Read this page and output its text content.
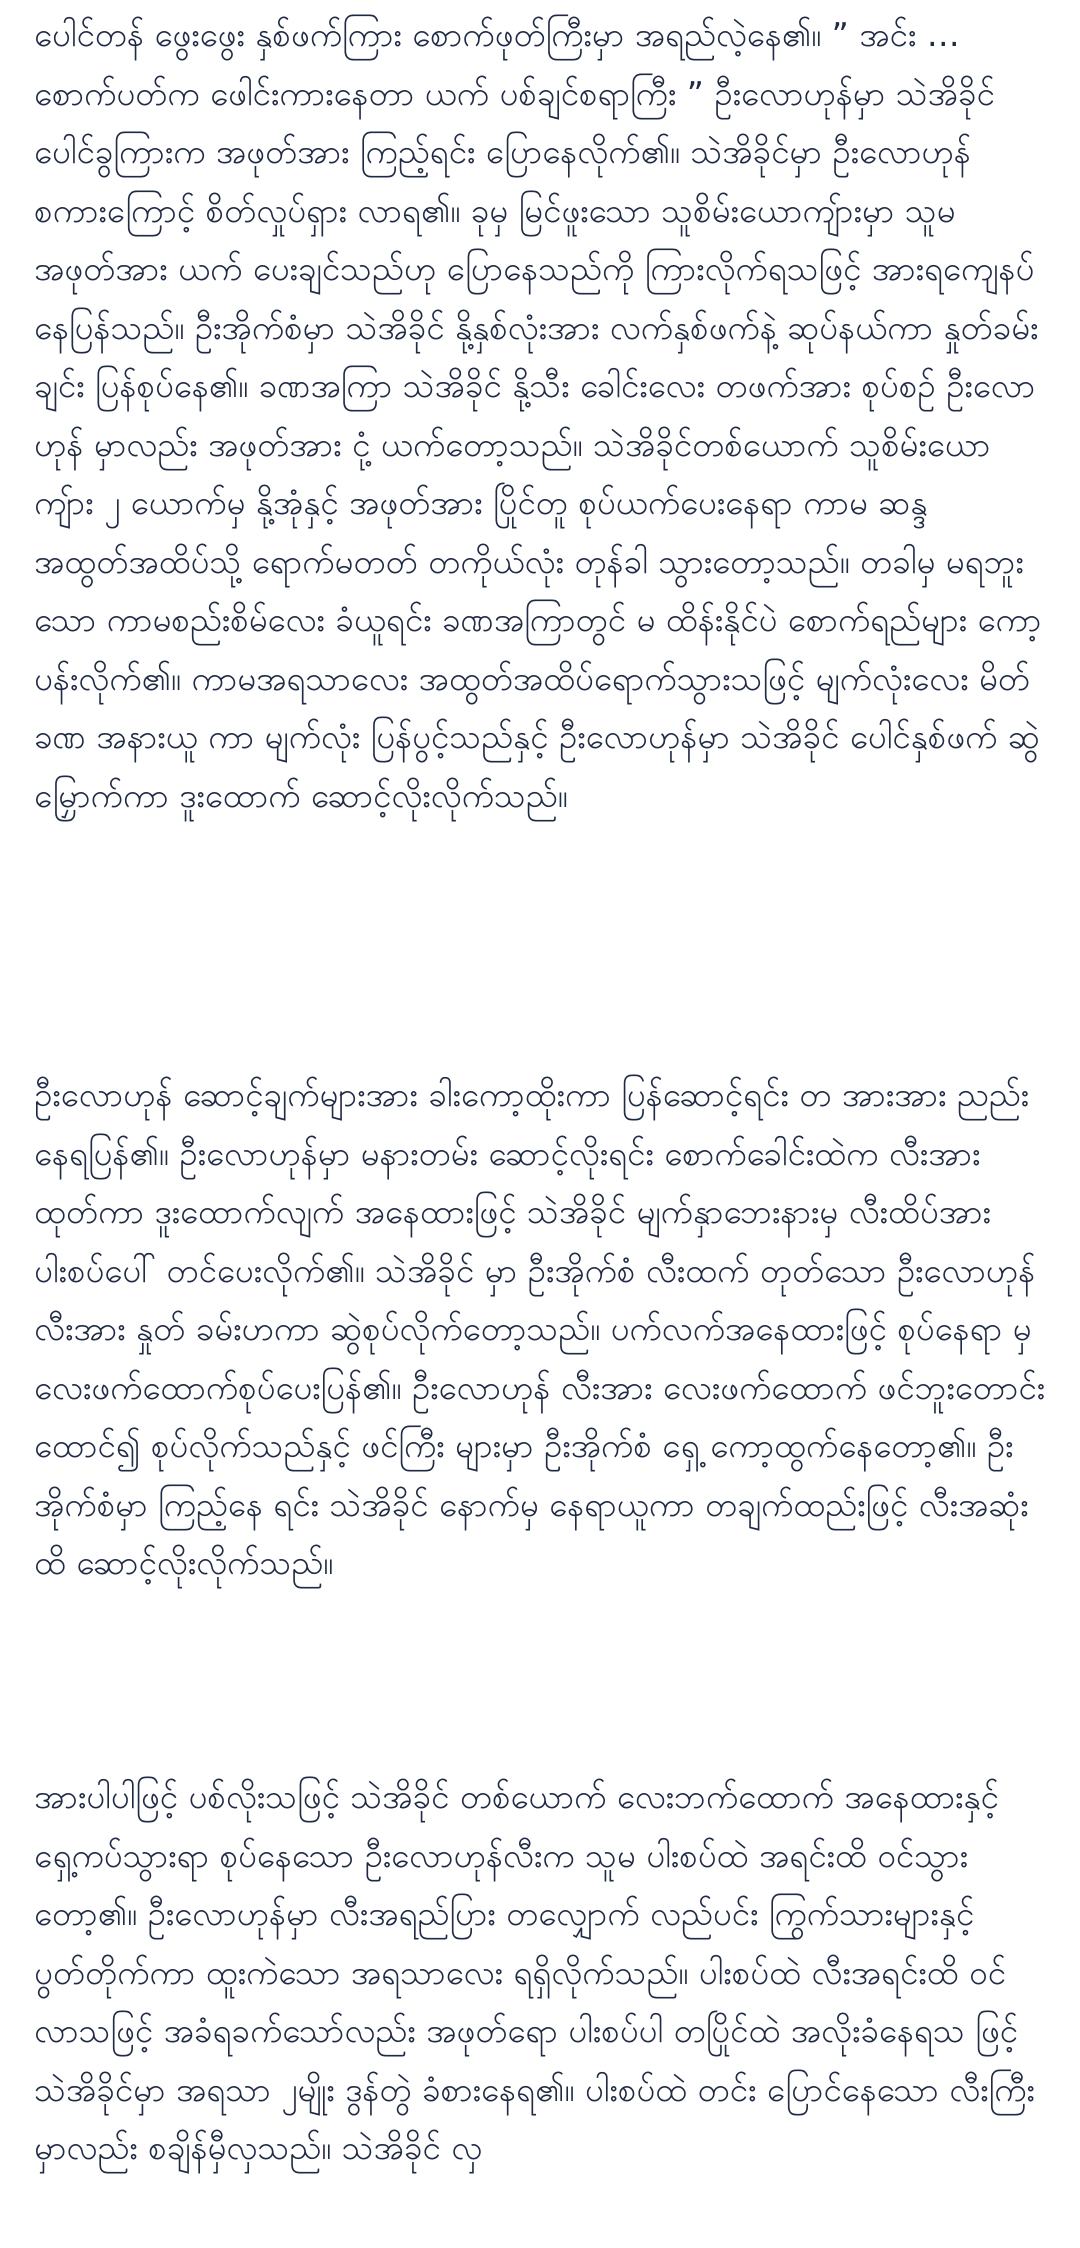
ပေါင်တန် ဖွေးဖွေး နှစ်ဖက်ကြား စောက်ဖုတ်ကြီးမှာ အရည်လဲ့နေ၏။ ” အင်း … စောက်ပတ်က ဖေါင်းကားနေတာ ယက် ပစ်ချင်စရာကြီး ” ဦးလောဟုန်မှာ သဲအိခိုင် ပေါင်ခွကြားက အဖုတ်အား ကြည့်ရင်း ပြောနေလိုက်၏။ သဲအိခိုင်မှာ ဦးလောဟုန် စကားကြောင့် စိတ်လှုပ်ရှား လာရ၏။ ခုမှ မြင်ဖူးသော သူစိမ်းယောကျ်ားမှာ သူမ အဖုတ်အား ယက် ပေးချင်သည်ဟု ပြောနေသည်ကို ကြားလိုက်ရသဖြင့် အားရကျေနပ် နေပြန်သည်။ ဦးအိုက်စံမှာ သဲအိခိုင် နို့နှစ်လုံးအား လက်နှစ်ဖက်နဲ့ ဆုပ်နယ်ကာ နှုတ်ခမ်းချင်း ပြန်စုပ်နေ၏။ ခဏအကြာ သဲအိခိုင် နို့သီး ခေါင်းလေး တဖက်အား စုပ်စဉ် ဦးလောဟုန် မှာလည်း အဖုတ်အား ငုံ့ ယက်တော့သည်။ သဲအိခိုင်တစ်ယောက် သူစိမ်းယောကျ်ား ၂ ယောက်မှ နို့အုံနှင့် အဖုတ်အား ပြိုင်တူ စုပ်ယက်ပေးနေရာ ကာမ ဆန္ဒ အထွတ်အထိပ်သို့ ရောက်မတတ် တကိုယ်လုံး တုန်ခါ သွားတော့သည်။ တခါမှ မရဘူးသော ကာမစည်းစိမ်လေး ခံယူရင်း ခဏအကြာတွင် မ ထိန်းနိုင်ပဲ စောက်ရည်များ ကော့ပန်းလိုက်၏။ ကာမအရသာလေး အထွတ်အထိပ်ရောက်သွားသဖြင့် မျက်လုံးလေး မိတ် ခဏ အနားယူ ကာ မျက်လုံး ပြန်ပွင့်သည်နှင့် ဦးလောဟုန်မှာ သဲအိခိုင် ပေါင်နှစ်ဖက် ဆွဲမြှောက်ကာ ဒူးထောက် ဆောင့်လိုးလိုက်သည်။

ဦးလောဟုန် ဆောင့်ချက်များအား ခါးကော့ထိုးကာ ပြန်ဆောင့်ရင်း တ အားအား ညည်းနေရပြန်၏။ ဦးလောဟုန်မှာ မနားတမ်း ဆောင့်လိုးရင်း စောက်ခေါင်းထဲက လီးအား ထုတ်ကာ ဒူးထောက်လျက် အနေထားဖြင့် သဲအိခိုင် မျက်နှာဘေးနားမှ လီးထိပ်အား ပါးစပ်ပေါ် တင်ပေးလိုက်၏။ သဲအိခိုင် မှာ ဦးအိုက်စံ လီးထက် တုတ်သော ဦးလောဟုန် လီးအား နှုတ် ခမ်းဟကာ ဆွဲစုပ်လိုက်တော့သည်။ ပက်လက်အနေထားဖြင့် စုပ်နေရာ မှ လေးဖက်ထောက်စုပ်ပေးပြန်၏။ ဦးလောဟုန် လီးအား လေးဖက်ထောက် ဖင်ဘူးတောင်း ထောင်၍ စုပ်လိုက်သည်နှင့် ဖင်ကြီး များမှာ ဦးအိုက်စံ ရှေ့ ကော့ထွက်နေတော့၏။ ဦးအိုက်စံမှာ ကြည့်နေ ရင်း သဲအိခိုင် နောက်မှ နေရာယူကာ တချက်ထည်းဖြင့် လီးအဆုံးထိ ဆောင့်လိုးလိုက်သည်။

အားပါပါဖြင့် ပစ်လိုးသဖြင့် သဲအိခိုင် တစ်ယောက် လေးဘက်ထောက် အနေထားနှင့် ရှေ့ကပ်သွားရာ စုပ်နေသော ဦးလောဟုန်လီးက သူမ ပါးစပ်ထဲ အရင်းထိ ဝင်သွားတော့၏။ ဦးလောဟုန်မှာ လီးအရည်ပြား တလျှောက် လည်ပင်း ကြွက်သားများနှင့် ပွတ်တိုက်ကာ ထူးကဲသော အရသာလေး ရရှိလိုက်သည်။ ပါးစပ်ထဲ လီးအရင်းထိ ဝင်လာသဖြင့် အခံရခက်သော်လည်း အဖုတ်ရော ပါးစပ်ပါ တပြိုင်ထဲ အလိုးခံနေရသ ဖြင့် သဲအိခိုင်မှာ အရသာ ၂မျိုး ဒွန်တွဲ ခံစားနေရ၏။ ပါးစပ်ထဲ တင်း ပြောင်နေသော လီးကြီးမှာလည်း စချိန်မှီလှသည်။ သဲအိခိုင် လှ
